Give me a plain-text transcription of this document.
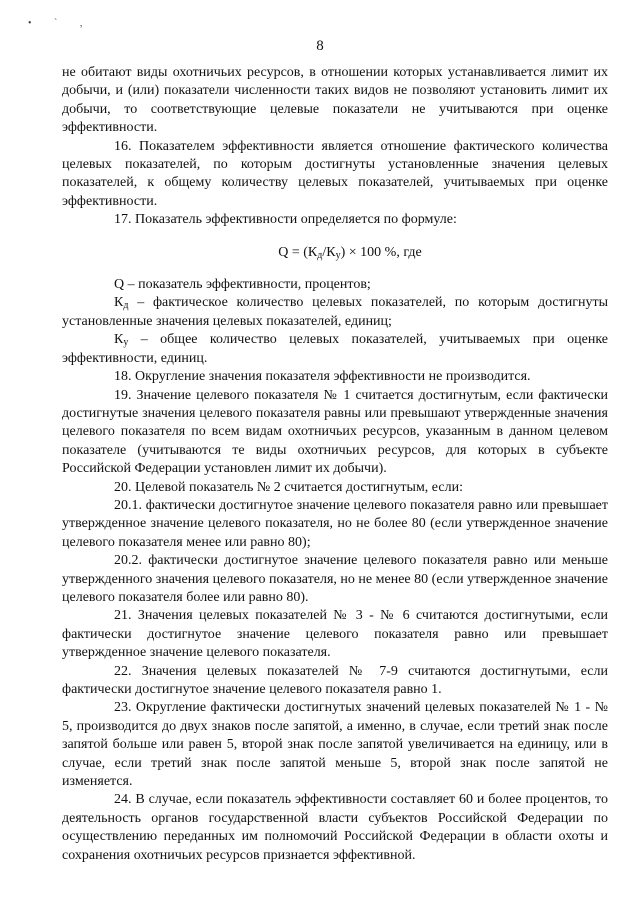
• ` ,
8

не обитают виды охотничьих ресурсов, в отношении которых устанавливается лимит их добычи, и (или) показатели численности таких видов не позволяют установить лимит их добычи, то соответствующие целевые показатели не учитываются при оценке эффективности.

16. Показателем эффективности является отношение фактического количества целевых показателей, по которым достигнуты установленные значения целевых показателей, к общему количеству целевых показателей, учитываемых при оценке эффективности.

17. Показатель эффективности определяется по формуле:

$Q = (К_д/К_у) \times 100$ %, где

Q – показатель эффективности, процентов;

$К_д$ – фактическое количество целевых показателей, по которым достигнуты установленные значения целевых показателей, единиц;

$К_у$ – общее количество целевых показателей, учитываемых при оценке эффективности, единиц.

18. Округление значения показателя эффективности не производится.

19. Значение целевого показателя № 1 считается достигнутым, если фактически достигнутые значения целевого показателя равны или превышают утвержденные значения целевого показателя по всем видам охотничьих ресурсов, указанным в данном целевом показателе (учитываются те виды охотничьих ресурсов, для которых в субъекте Российской Федерации установлен лимит их добычи).

20. Целевой показатель № 2 считается достигнутым, если:

20.1. фактически достигнутое значение целевого показателя равно или превышает утвержденное значение целевого показателя, но не более 80 (если утвержденное значение целевого показателя менее или равно 80);

20.2. фактически достигнутое значение целевого показателя равно или меньше утвержденного значения целевого показателя, но не менее 80 (если утвержденное значение целевого показателя более или равно 80).

21. Значения целевых показателей № 3 - № 6 считаются достигнутыми, если фактически достигнутое значение целевого показателя равно или превышает утвержденное значение целевого показателя.

22. Значения целевых показателей № 7-9 считаются достигнутыми, если фактически достигнутое значение целевого показателя равно 1.

23. Округление фактически достигнутых значений целевых показателей № 1 - № 5, производится до двух знаков после запятой, а именно, в случае, если третий знак после запятой больше или равен 5, второй знак после запятой увеличивается на единицу, или в случае, если третий знак после запятой меньше 5, второй знак после запятой не изменяется.

24. В случае, если показатель эффективности составляет 60 и более процентов, то деятельность органов государственной власти субъектов Российской Федерации по осуществлению переданных им полномочий Российской Федерации в области охоты и сохранения охотничьих ресурсов признается эффективной.
